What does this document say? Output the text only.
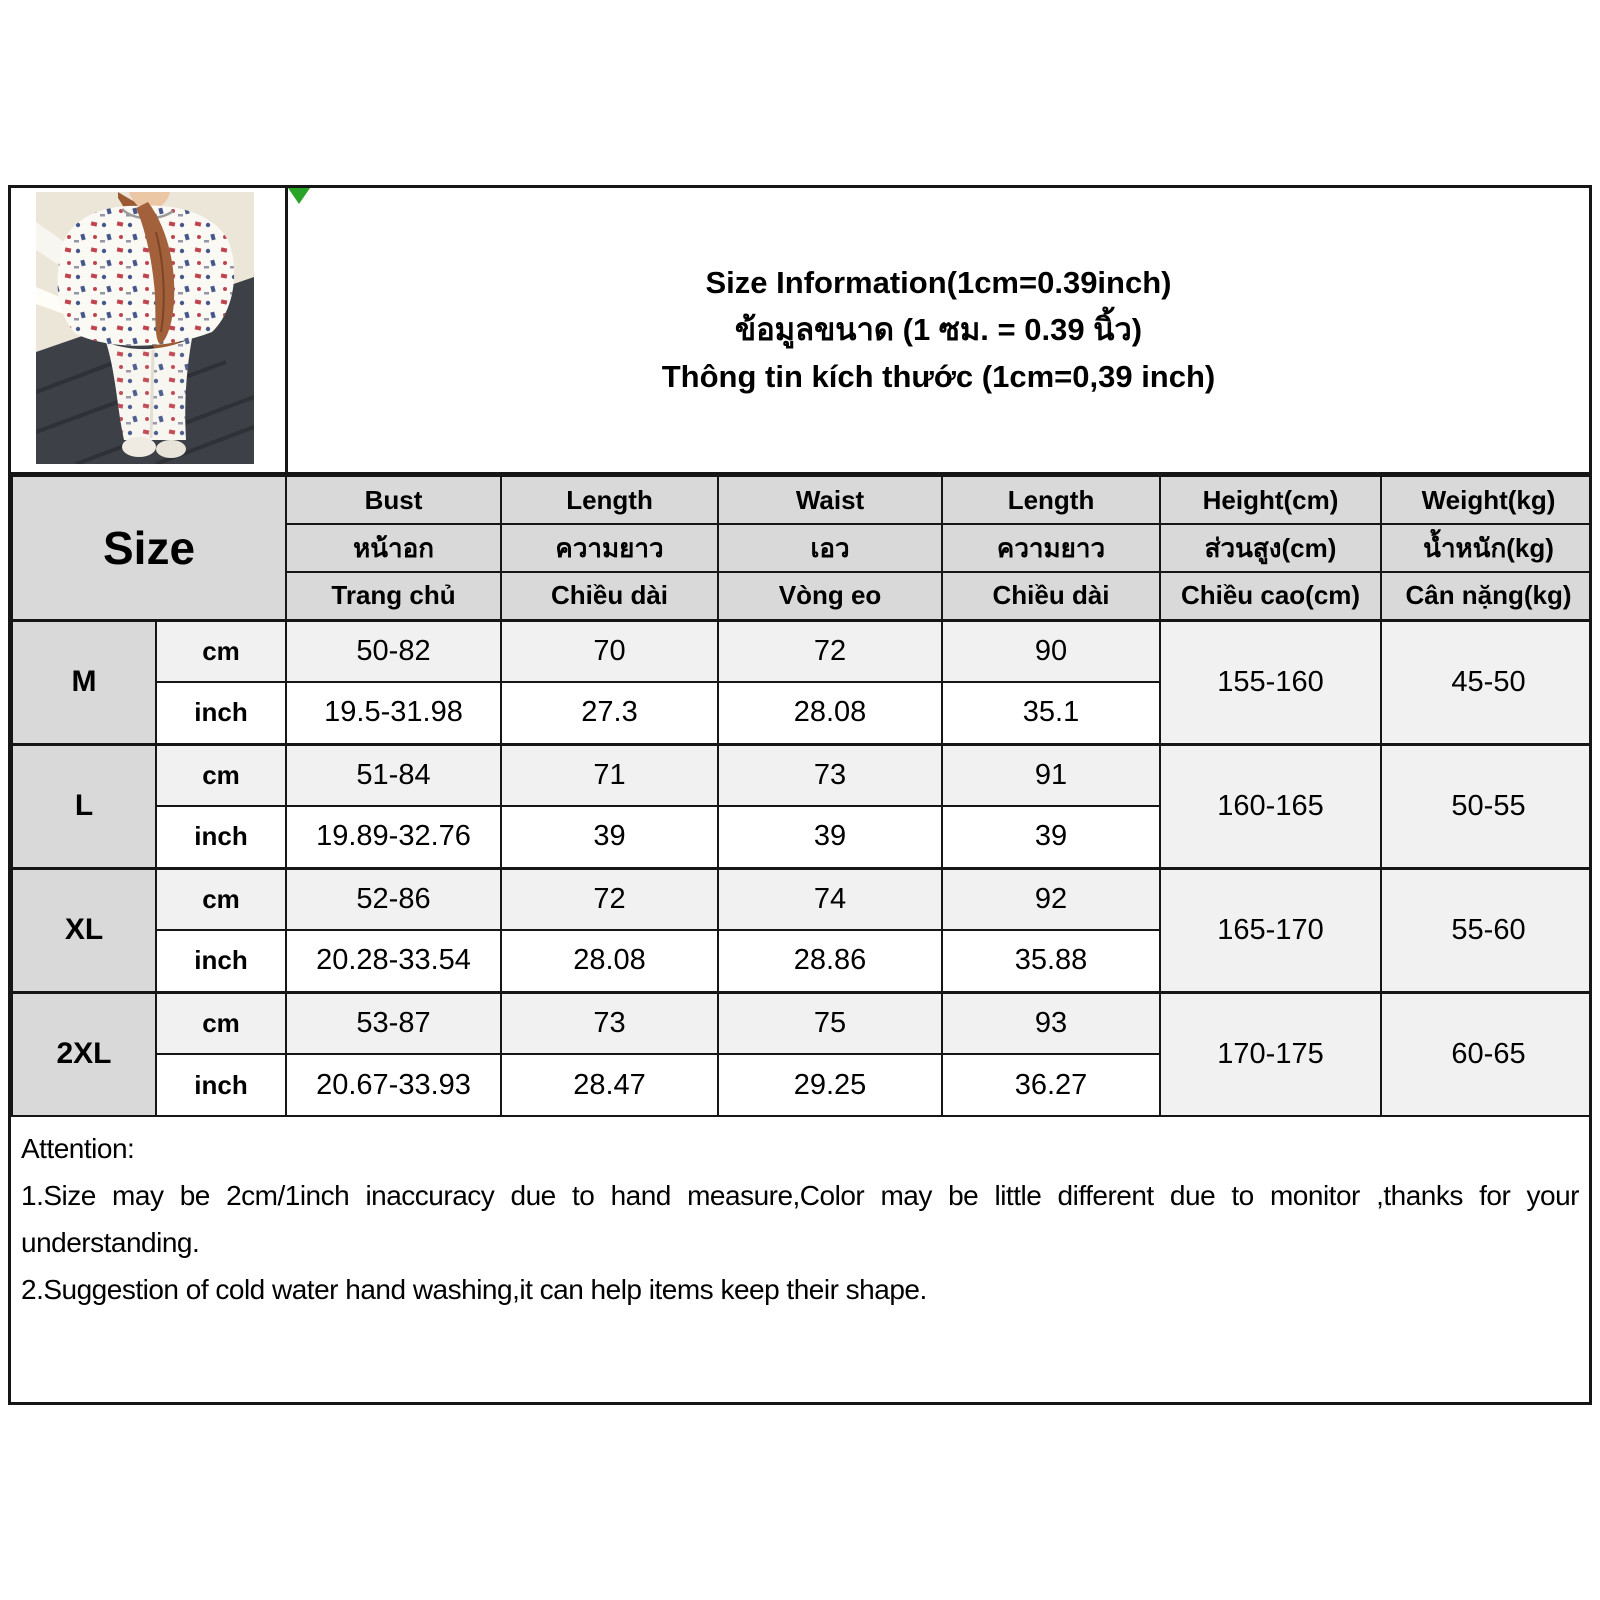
Size Information(1cm=0.39inch)
ข้อมูลขนาด (1 ซม. = 0.39 นิ้ว)
Thông tin kích thước (1cm=0,39 inch)
Size		Bust	Length	Waist	Length	Height(cm)	Weight(kg)
		หน้าอก	ความยาว	เอว	ความยาว	ส่วนสูง(cm)	น้ำหนัก(kg)
		Trang chủ	Chiều dài	Vòng eo	Chiều dài	Chiều cao(cm)	Cân nặng(kg)
M	cm	50-82	70	72	90	155-160	45-50
	inch	19.5-31.98	27.3	28.08	35.1		
L	cm	51-84	71	73	91	160-165	50-55
	inch	19.89-32.76	39	39	39		
XL	cm	52-86	72	74	92	165-170	55-60
	inch	20.28-33.54	28.08	28.86	35.88		
2XL	cm	53-87	73	75	93	170-175	60-65
	inch	20.67-33.93	28.47	29.25	36.27		
Attention:
1.Size may be 2cm/1inch inaccuracy due to hand measure,Color may be little different due to monitor ,thanks for your
understanding.
2.Suggestion of cold water hand washing,it can help items keep their shape.
